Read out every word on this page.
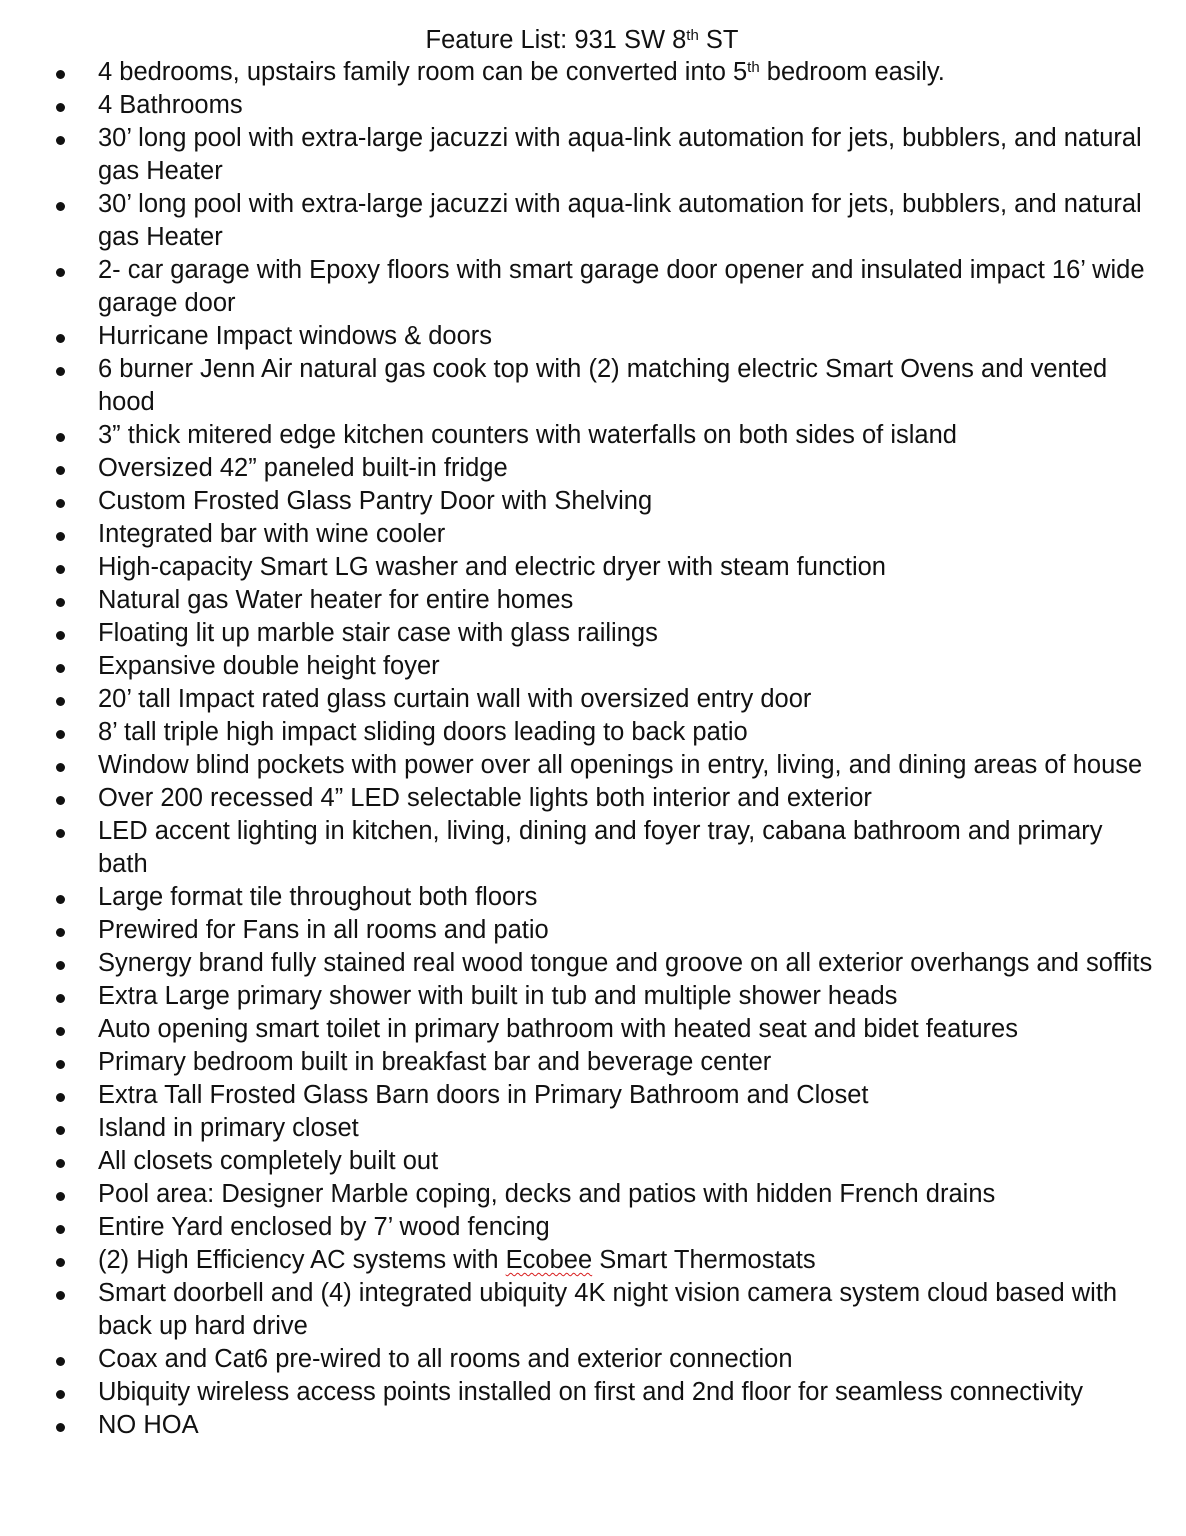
Feature List: 931 SW 8th ST
4 bedrooms, upstairs family room can be converted into 5th bedroom easily.
4 Bathrooms
30’ long pool with extra-large jacuzzi with aqua-link automation for jets, bubblers, and natural gas Heater
30’ long pool with extra-large jacuzzi with aqua-link automation for jets, bubblers, and natural gas Heater
2- car garage with Epoxy floors with smart garage door opener and insulated impact 16’ wide garage door
Hurricane Impact windows & doors
6 burner Jenn Air natural gas cook top with (2) matching electric Smart Ovens and vented hood
3” thick mitered edge kitchen counters with waterfalls on both sides of island
Oversized 42” paneled built-in fridge
Custom Frosted Glass Pantry Door with Shelving
Integrated bar with wine cooler
High-capacity Smart LG washer and electric dryer with steam function
Natural gas Water heater for entire homes
Floating lit up marble stair case with glass railings
Expansive double height foyer
20’ tall Impact rated glass curtain wall with oversized entry door
8’ tall triple high impact sliding doors leading to back patio
Window blind pockets with power over all openings in entry, living, and dining areas of house
Over 200 recessed 4” LED selectable lights both interior and exterior
LED accent lighting in kitchen, living, dining and foyer tray, cabana bathroom and primary bath
Large format tile throughout both floors
Prewired for Fans in all rooms and patio
Synergy brand fully stained real wood tongue and groove on all exterior overhangs and soffits
Extra Large primary shower with built in tub and multiple shower heads
Auto opening smart toilet in primary bathroom with heated seat and bidet features
Primary bedroom built in breakfast bar and beverage center
Extra Tall Frosted Glass Barn doors in Primary Bathroom and Closet
Island in primary closet
All closets completely built out
Pool area: Designer Marble coping, decks and patios with hidden French drains
Entire Yard enclosed by 7’ wood fencing
(2) High Efficiency AC systems with Ecobee Smart Thermostats
Smart doorbell and (4) integrated ubiquity 4K night vision camera system cloud based with back up hard drive
Coax and Cat6 pre-wired to all rooms and exterior connection
Ubiquity wireless access points installed on first and 2nd floor for seamless connectivity
NO HOA
